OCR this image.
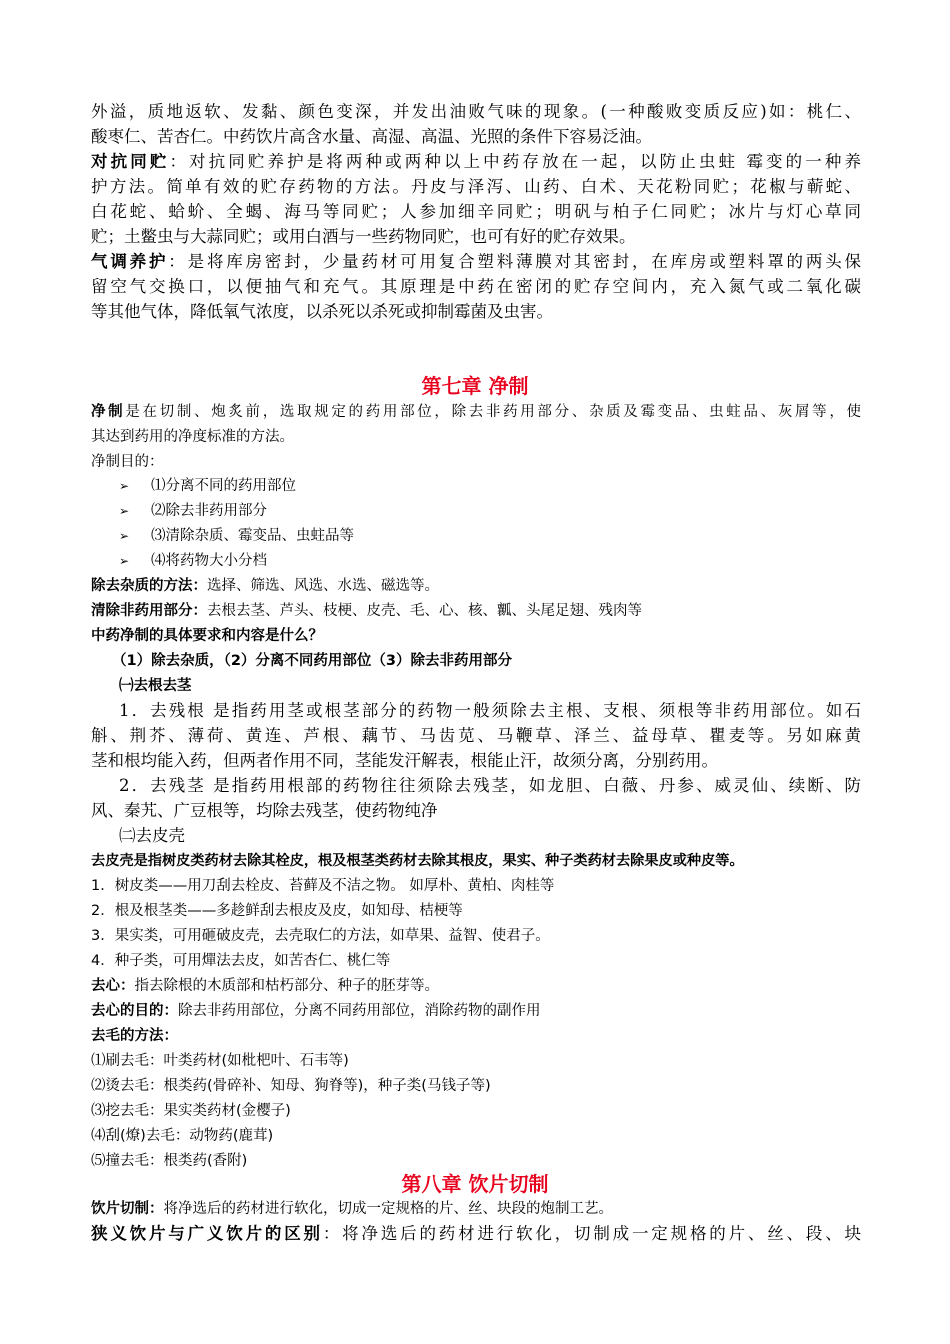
外溢，质地返软、发黏、颜色变深，并发出油败气味的现象。(一种酸败变质反应)如：桃仁、
酸枣仁、苦杏仁。中药饮片高含水量、高湿、高温、光照的条件下容易泛油。
对抗同贮：对抗同贮养护是将两种或两种以上中药存放在一起，以防止虫蛀 霉变的一种养
护方法。简单有效的贮存药物的方法。丹皮与泽泻、山药、白术、天花粉同贮；花椒与蕲蛇、
白花蛇、蛤蚧、全蝎、海马等同贮；人参加细辛同贮；明矾与柏子仁同贮；冰片与灯心草同
贮；土鳖虫与大蒜同贮；或用白酒与一些药物同贮，也可有好的贮存效果。
气调养护：是将库房密封，少量药材可用复合塑料薄膜对其密封，在库房或塑料罩的两头保
留空气交换口，以便抽气和充气。其原理是中药在密闭的贮存空间内，充入氮气或二氧化碳
等其他气体，降低氧气浓度，以杀死以杀死或抑制霉菌及虫害。
第七章 净制
净制是在切制、炮炙前，选取规定的药用部位，除去非药用部分、杂质及霉变品、虫蛀品、灰屑等，使
其达到药用的净度标准的方法。
净制目的：
➢ ⑴分离不同的药用部位
➢ ⑵除去非药用部分
➢ ⑶清除杂质、霉变品、虫蛀品等
➢ ⑷将药物大小分档
除去杂质的方法：选择、筛选、风选、水选、磁选等。
清除非药用部分：去根去茎、芦头、枝梗、皮壳、毛、心、核、瓤、头尾足翅、残肉等
中药净制的具体要求和内容是什么？
（1）除去杂质，（2）分离不同药用部位（3）除去非药用部分
㈠去根去茎
1．去残根 是指药用茎或根茎部分的药物一般须除去主根、支根、须根等非药用部位。如石
斛、荆芥、薄荷、黄连、芦根、藕节、马齿苋、马鞭草、泽兰、益母草、瞿麦等。另如麻黄
茎和根均能入药，但两者作用不同，茎能发汗解表，根能止汗，故须分离，分别药用。
2．去残茎 是指药用根部的药物往往须除去残茎，如龙胆、白薇、丹参、威灵仙、续断、防
风、秦艽、广豆根等，均除去残茎，使药物纯净
㈡去皮壳
去皮壳是指树皮类药材去除其栓皮，根及根茎类药材去除其根皮，果实、种子类药材去除果皮或种皮等。
1．树皮类——用刀刮去栓皮、苔藓及不洁之物。 如厚朴、黄柏、肉桂等
2．根及根茎类——多趁鲜刮去根皮及皮，如知母、桔梗等
3．果实类，可用砸破皮壳，去壳取仁的方法，如草果、益智、使君子。
4．种子类，可用燀法去皮，如苦杏仁、桃仁等
去心：指去除根的木质部和枯朽部分、种子的胚芽等。
去心的目的：除去非药用部位，分离不同药用部位，消除药物的副作用
去毛的方法：
⑴刷去毛：叶类药材(如枇杷叶、石韦等)
⑵烫去毛：根类药(骨碎补、知母、狗脊等)，种子类(马钱子等)
⑶挖去毛：果实类药材(金樱子)
⑷刮(燎)去毛：动物药(鹿茸)
⑸撞去毛：根类药(香附)
第八章 饮片切制
饮片切制：将净选后的药材进行软化，切成一定规格的片、丝、块段的炮制工艺。
狭义饮片与广义饮片的区别：将净选后的药材进行软化，切制成一定规格的片、丝、段、块
